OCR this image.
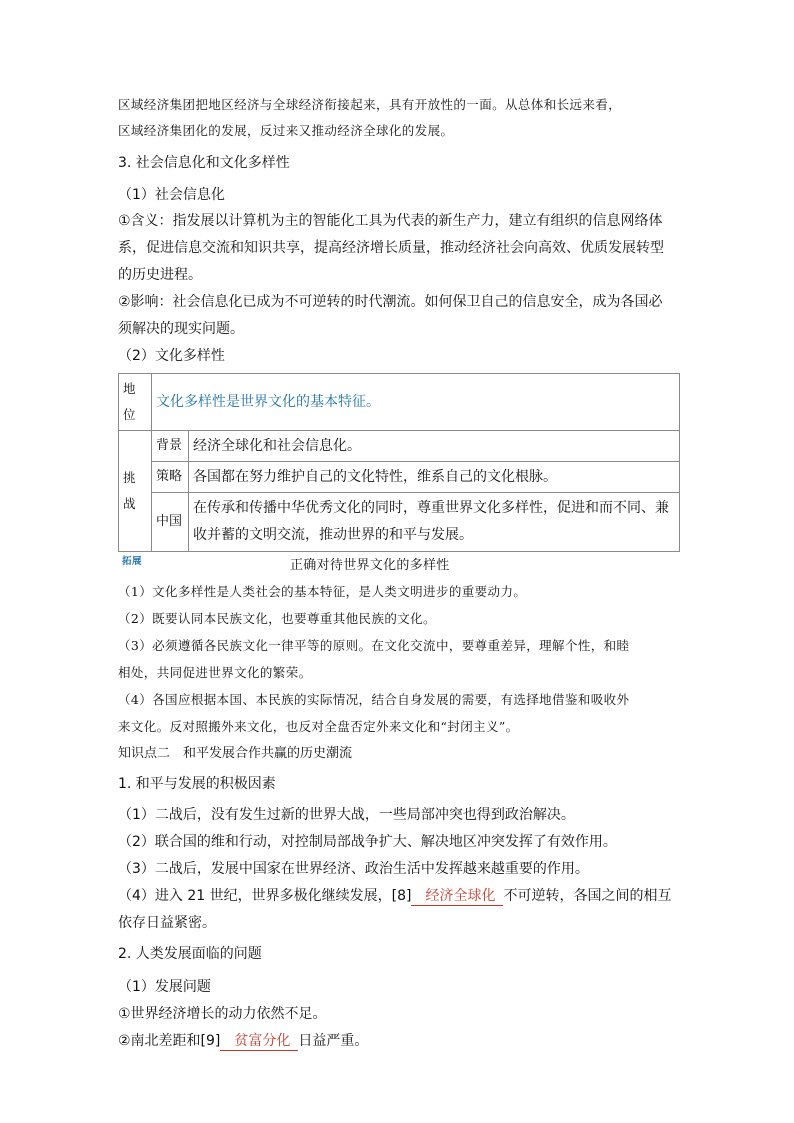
区域经济集团把地区经济与全球经济衔接起来，具有开放性的一面。从总体和长远来看，

区域经济集团化的发展，反过来又推动经济全球化的发展。

3. 社会信息化和文化多样性

（1）社会信息化

①含义：指发展以计算机为主的智能化工具为代表的新生产力，建立有组织的信息网络体

系，促进信息交流和知识共享，提高经济增长质量，推动经济社会向高效、优质发展转型

的历史进程。

②影响：社会信息化已成为不可逆转的时代潮流。如何保卫自己的信息安全，成为各国必

须解决的现实问题。

（2）文化多样性

地位	文化多样性是世界文化的基本特征。	
挑战	背景	经济全球化和社会信息化。
	策略	各国都在努力维护自己的文化特性，维系自己的文化根脉。
	中国	在传承和传播中华优秀文化的同时，尊重世界文化多样性，促进和而不同、兼收并蓄的文明交流，推动世界的和平与发展。
拓展	正确对待世界文化的多样性

（1）文化多样性是人类社会的基本特征，是人类文明进步的重要动力。

（2）既要认同本民族文化，也要尊重其他民族的文化。

（3）必须遵循各民族文化一律平等的原则。在文化交流中，要尊重差异，理解个性，和睦

相处，共同促进世界文化的繁荣。

（4）各国应根据本国、本民族的实际情况，结合自身发展的需要，有选择地借鉴和吸收外

来文化。反对照搬外来文化，也反对全盘否定外来文化和“封闭主义”。

知识点二　和平发展合作共赢的历史潮流

1. 和平与发展的积极因素

（1）二战后，没有发生过新的世界大战，一些局部冲突也得到政治解决。

（2）联合国的维和行动，对控制局部战争扩大、解决地区冲突发挥了有效作用。

（3）二战后，发展中国家在世界经济、政治生活中发挥越来越重要的作用。

（4）进入 21 世纪，世界多极化继续发展，[8] 经济全球化 不可逆转，各国之间的相互

依存日益紧密。

2. 人类发展面临的问题

（1）发展问题

①世界经济增长的动力依然不足。

②南北差距和[9] 贫富分化 日益严重。
